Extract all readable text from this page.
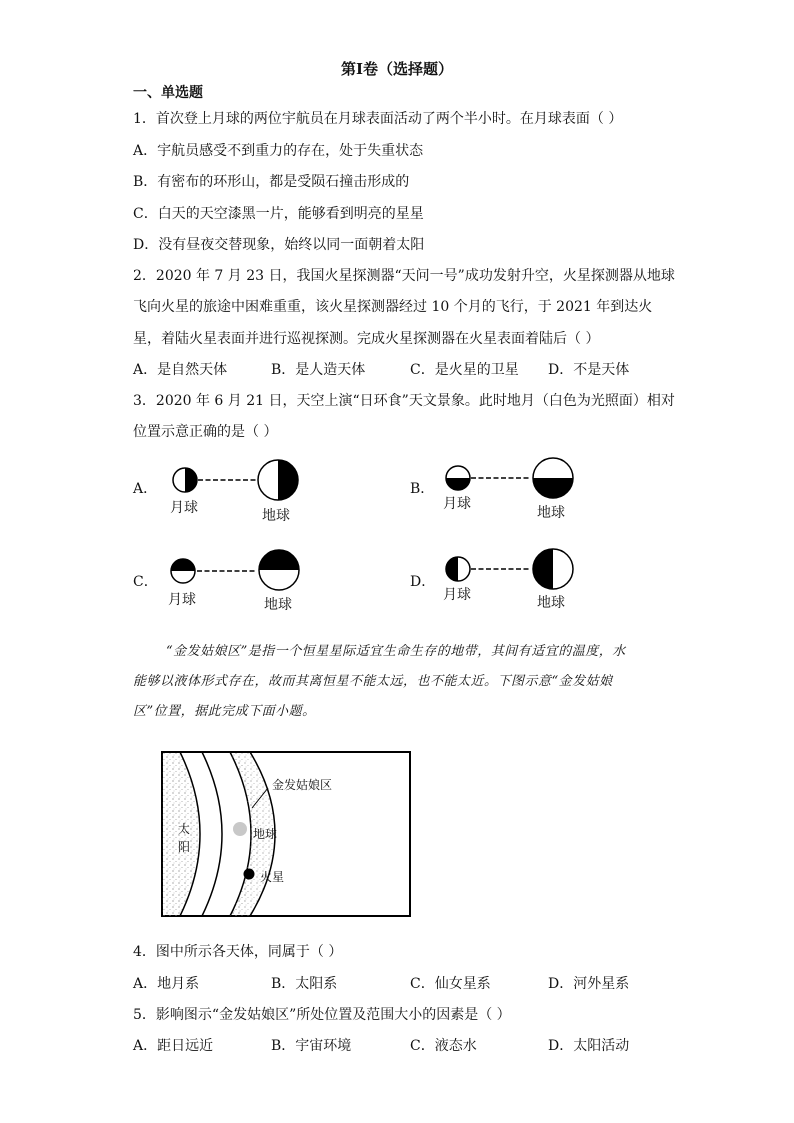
第Ⅰ卷（选择题）
一、单选题
1．首次登上月球的两位宇航员在月球表面活动了两个半小时。在月球表面（ ）
A．宇航员感受不到重力的存在，处于失重状态
B．有密布的环形山，都是受陨石撞击形成的
C．白天的天空漆黑一片，能够看到明亮的星星
D．没有昼夜交替现象，始终以同一面朝着太阳
2．2020 年 7 月 23 日，我国火星探测器“天问一号”成功发射升空，火星探测器从地球
飞向火星的旅途中困难重重，该火星探测器经过 10 个月的飞行，于 2021 年到达火
星，着陆火星表面并进行巡视探测。完成火星探测器在火星表面着陆后（ ）
A．是自然天体	B．是人造天体	C．是火星的卫星 D．不是天体
3．2020 年 6 月 21 日，天空上演“日环食”天文景象。此时地月（白色为光照面）相对
位置示意正确的是（ ）
A．
月球	地球
B．
月球
地球
C．
月球	地球
D．
月球	地球
“金发姑娘区”是指一个恒星星际适宜生命生存的地带，其间有适宜的温度，水
能够以液体形式存在，故而其离恒星不能太远，也不能太近。下图示意“金发姑娘
区”位置，据此完成下面小题。
金发姑娘区
地球
火星
太阳
4．图中所示各天体，同属于（ ）
A．地月系	B．太阳系	C．仙女星系	D．河外星系
5．影响图示“金发姑娘区”所处位置及范围大小的因素是（ ）
A．距日远近	B．宇宙环境	C．液态水	D．太阳活动
